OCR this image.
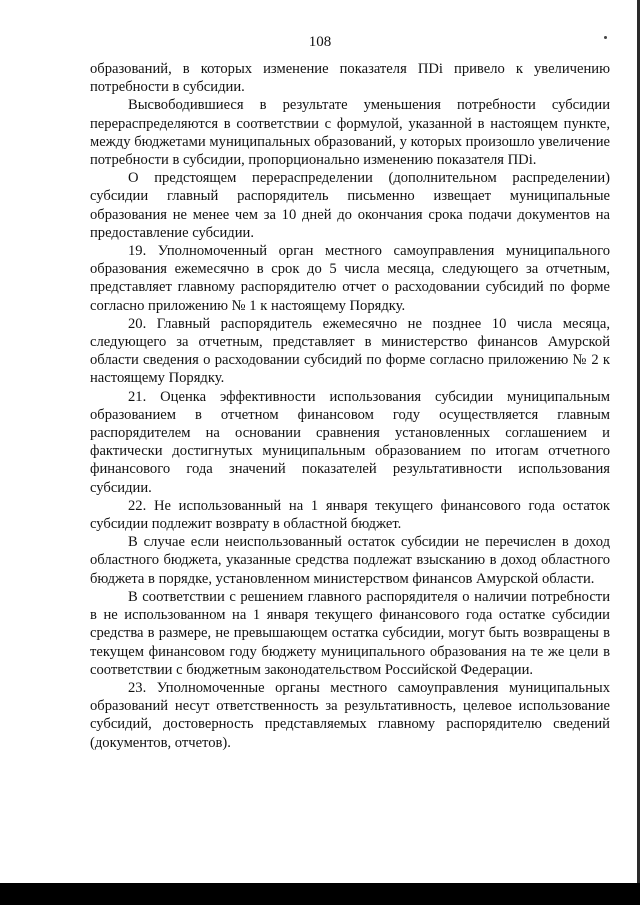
108

образований, в которых изменение показателя ПDi привело к увеличению потребности в субсидии.

Высвободившиеся в результате уменьшения потребности субсидии перераспределяются в соответствии с формулой, указанной в настоящем пункте, между бюджетами муниципальных образований, у которых произошло увеличение потребности в субсидии, пропорционально изменению показателя ПDi.

О предстоящем перераспределении (дополнительном распределении) субсидии главный распорядитель письменно извещает муниципальные образования не менее чем за 10 дней до окончания срока подачи документов на предоставление субсидии.

19. Уполномоченный орган местного самоуправления муниципального образования ежемесячно в срок до 5 числа месяца, следующего за отчетным, представляет главному распорядителю отчет о расходовании субсидий по форме согласно приложению № 1 к настоящему Порядку.

20. Главный распорядитель ежемесячно не позднее 10 числа месяца, следующего за отчетным, представляет в министерство финансов Амурской области сведения о расходовании субсидий по форме согласно приложению № 2 к настоящему Порядку.

21. Оценка эффективности использования субсидии муниципальным образованием в отчетном финансовом году осуществляется главным распорядителем на основании сравнения установленных соглашением и фактически достигнутых муниципальным образованием по итогам отчетного финансового года значений показателей результативности использования субсидии.

22. Не использованный на 1 января текущего финансового года остаток субсидии подлежит возврату в областной бюджет.

В случае если неиспользованный остаток субсидии не перечислен в доход областного бюджета, указанные средства подлежат взысканию в доход областного бюджета в порядке, установленном министерством финансов Амурской области.

В соответствии с решением главного распорядителя о наличии потребности в не использованном на 1 января текущего финансового года остатке субсидии средства в размере, не превышающем остатка субсидии, могут быть возвращены в текущем финансовом году бюджету муниципального образования на те же цели в соответствии с бюджетным законодательством Российской Федерации.

23. Уполномоченные органы местного самоуправления муниципальных образований несут ответственность за результативность, целевое использование субсидий, достоверность представляемых главному распорядителю сведений (документов, отчетов).
